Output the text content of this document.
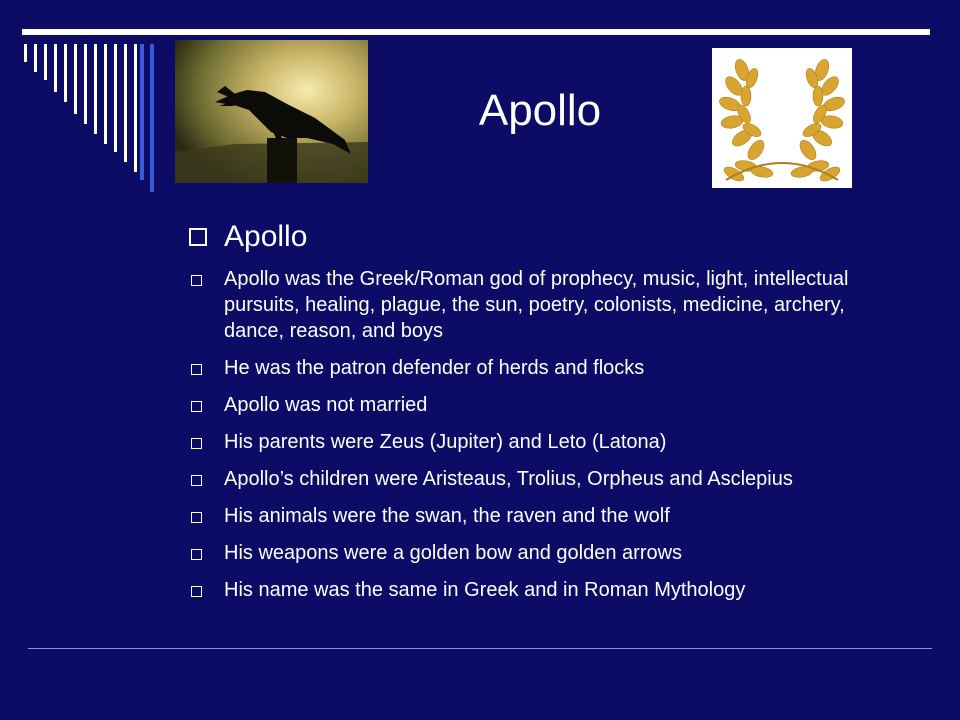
Apollo
Apollo
Apollo was the Greek/Roman god of prophecy, music, light, intellectual pursuits, healing, plague, the sun, poetry, colonists, medicine, archery, dance, reason, and boys
He was the patron defender of herds and flocks
Apollo was not married
His parents were Zeus (Jupiter) and Leto (Latona)
Apollo’s children were Aristeaus, Trolius, Orpheus and Asclepius
His animals were the swan, the raven and the wolf
His weapons were a golden bow and golden arrows
His name was the same in Greek and in Roman Mythology
